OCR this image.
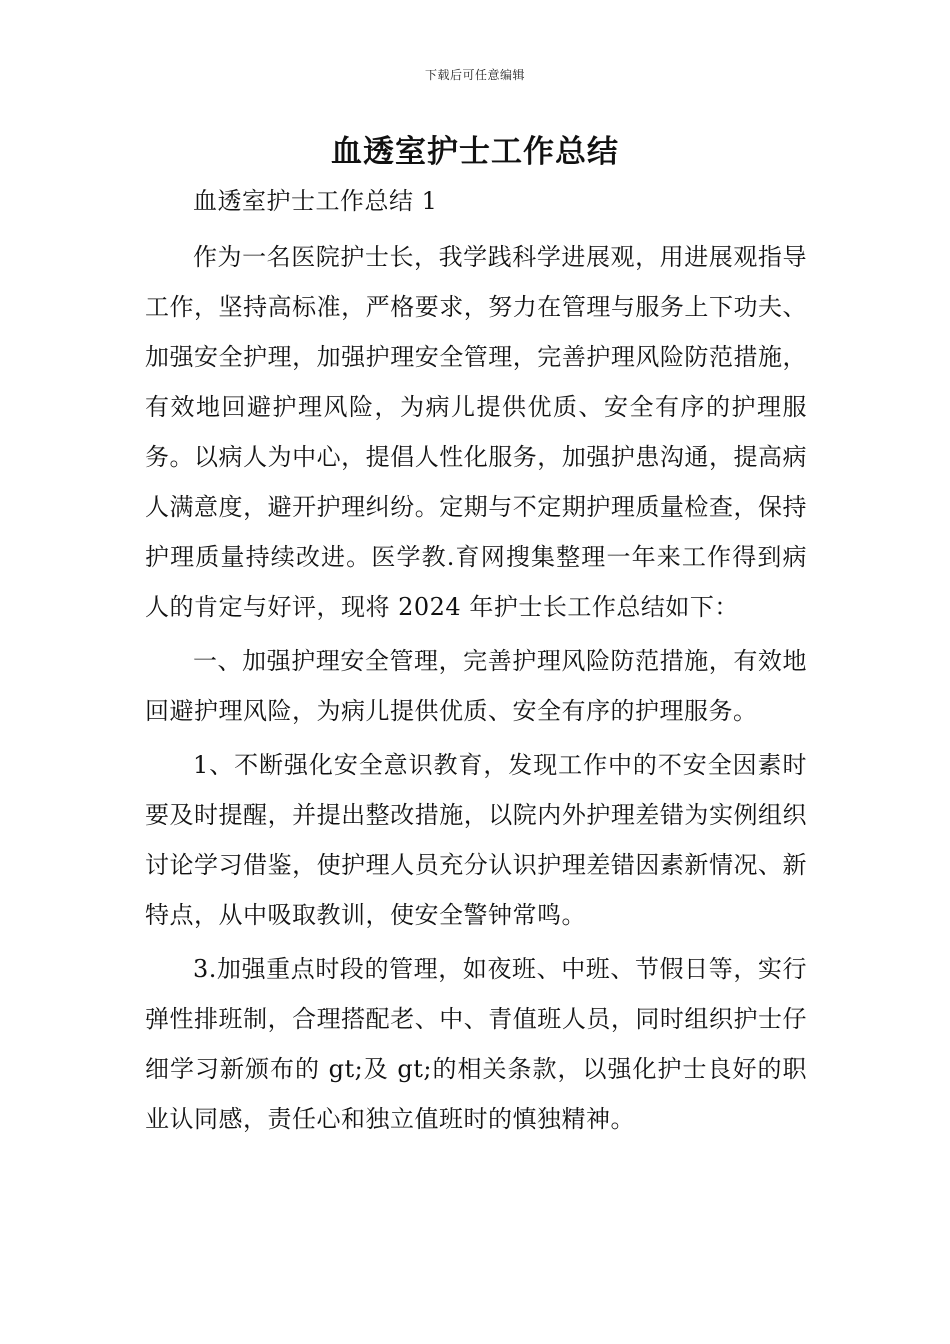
下载后可任意编辑
血透室护士工作总结

血透室护士工作总结 1

作为一名医院护士长，我学践科学进展观，用进展观指导工作，坚持高标准，严格要求，努力在管理与服务上下功夫、加强安全护理，加强护理安全管理，完善护理风险防范措施，有效地回避护理风险，为病儿提供优质、安全有序的护理服务。以病人为中心，提倡人性化服务，加强护患沟通，提高病人满意度，避开护理纠纷。定期与不定期护理质量检查，保持护理质量持续改进。医学教.育网搜集整理一年来工作得到病人的肯定与好评，现将 2024 年护士长工作总结如下：

一、加强护理安全管理，完善护理风险防范措施，有效地回避护理风险，为病儿提供优质、安全有序的护理服务。

1、不断强化安全意识教育，发现工作中的不安全因素时要及时提醒，并提出整改措施，以院内外护理差错为实例组织讨论学习借鉴，使护理人员充分认识护理差错因素新情况、新特点，从中吸取教训，使安全警钟常鸣。

3.加强重点时段的管理，如夜班、中班、节假日等，实行弹性排班制，合理搭配老、中、青值班人员，同时组织护士仔细学习新颁布的 gt;及 gt;的相关条款，以强化护士良好的职业认同感，责任心和独立值班时的慎独精神。
